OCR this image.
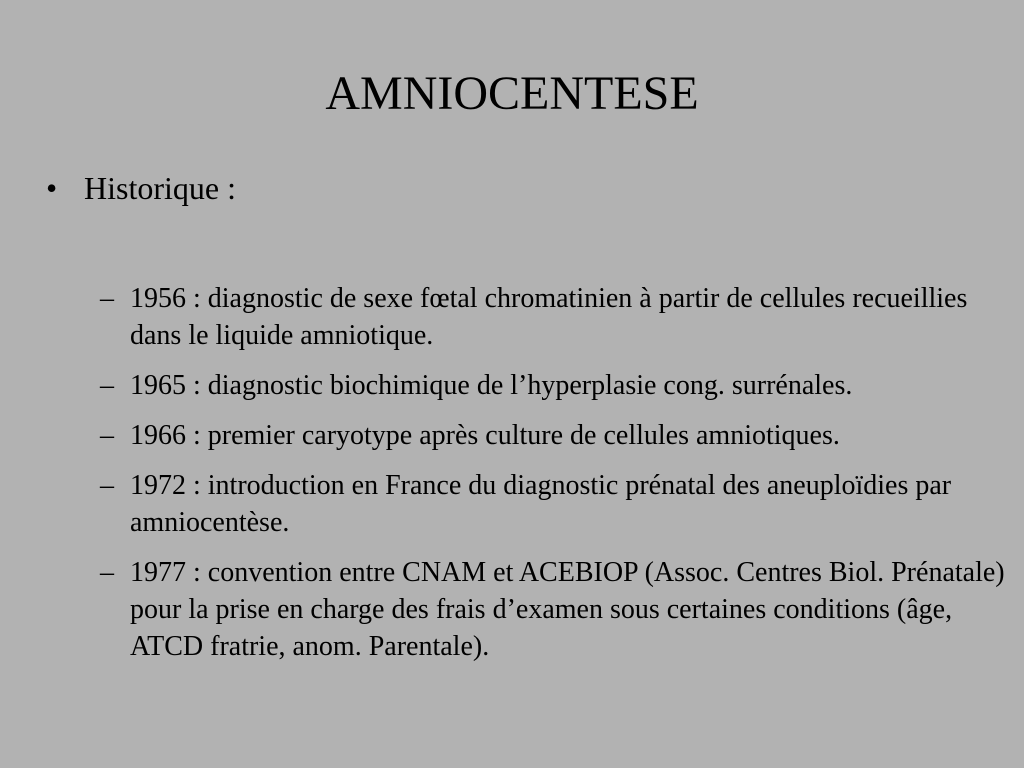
AMNIOCENTESE
• Historique :
– 1956 : diagnostic de sexe fœtal chromatinien à partir de cellules recueillies dans le liquide amniotique.
– 1965 : diagnostic biochimique de l’hyperplasie cong. surrénales.
– 1966 : premier caryotype après culture de cellules amniotiques.
– 1972 : introduction en France du diagnostic prénatal des aneuploïdies par amniocentèse.
– 1977 : convention entre CNAM et ACEBIOP (Assoc. Centres Biol. Prénatale) pour la prise en charge des frais d’examen sous certaines conditions (âge, ATCD fratrie, anom. Parentale).
